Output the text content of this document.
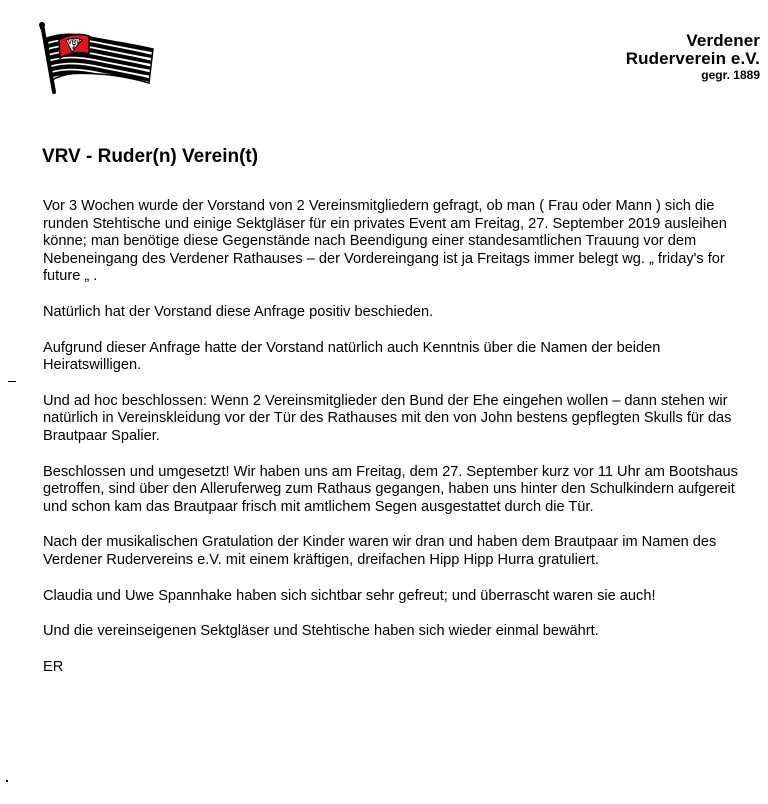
VRV	Verdener
Ruderverein e.V.
gegr. 1889
VRV - Ruder(n) Verein(t)

Vor 3 Wochen wurde der Vorstand von 2 Vereinsmitgliedern gefragt, ob man ( Frau oder Mann ) sich die runden Stehtische und einige Sektgläser für ein privates Event am Freitag, 27. September 2019 ausleihen könne; man benötige diese Gegenstände nach Beendigung einer standesamtlichen Trauung vor dem Nebeneingang des Verdener Rathauses – der Vordereingang ist ja Freitags immer belegt wg. „ friday's for future „ .

Natürlich hat der Vorstand diese Anfrage positiv beschieden.

Aufgrund dieser Anfrage hatte der Vorstand natürlich auch Kenntnis über die Namen der beiden Heiratswilligen.

Und ad hoc beschlossen: Wenn 2 Vereinsmitglieder den Bund der Ehe eingehen wollen – dann stehen wir natürlich in Vereinskleidung vor der Tür des Rathauses mit den von John bestens gepflegten Skulls für das Brautpaar Spalier.

Beschlossen und umgesetzt! Wir haben uns am Freitag, dem 27. September kurz vor 11 Uhr am Bootshaus getroffen, sind über den Alleruferweg zum Rathaus gegangen, haben uns hinter den Schulkindern aufgereit und schon kam das Brautpaar frisch mit amtlichem Segen ausgestattet durch die Tür.

Nach der musikalischen Gratulation der Kinder waren wir dran und haben dem Brautpaar im Namen des Verdener Rudervereins e.V. mit einem kräftigen, dreifachen Hipp Hipp Hurra gratuliert.

Claudia und Uwe Spannhake haben sich sichtbar sehr gefreut; und überrascht waren sie auch!

Und die vereinseigenen Sektgläser und Stehtische haben sich wieder einmal bewährt.

ER
